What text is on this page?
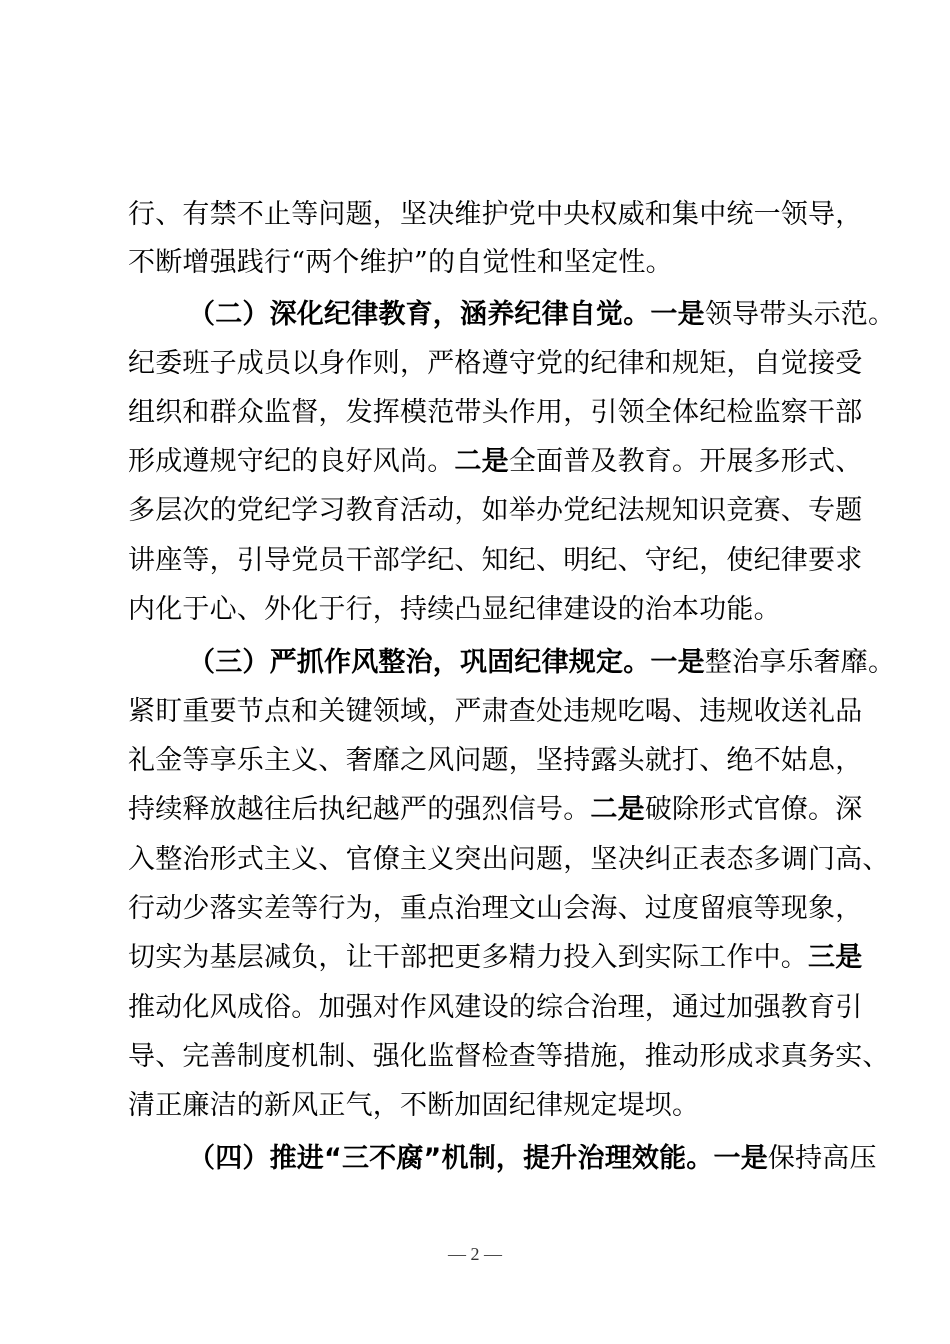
行、有禁不止等问题，坚决维护党中央权威和集中统一领导，
不断增强践行“两个维护”的自觉性和坚定性。
（二）深化纪律教育，涵养纪律自觉。一是领导带头示范。
纪委班子成员以身作则，严格遵守党的纪律和规矩，自觉接受
组织和群众监督，发挥模范带头作用，引领全体纪检监察干部
形成遵规守纪的良好风尚。二是全面普及教育。开展多形式、
多层次的党纪学习教育活动，如举办党纪法规知识竞赛、专题
讲座等，引导党员干部学纪、知纪、明纪、守纪，使纪律要求
内化于心、外化于行，持续凸显纪律建设的治本功能。
（三）严抓作风整治，巩固纪律规定。一是整治享乐奢靡。
紧盯重要节点和关键领域，严肃查处违规吃喝、违规收送礼品
礼金等享乐主义、奢靡之风问题，坚持露头就打、绝不姑息，
持续释放越往后执纪越严的强烈信号。二是破除形式官僚。深
入整治形式主义、官僚主义突出问题，坚决纠正表态多调门高、
行动少落实差等行为，重点治理文山会海、过度留痕等现象，
切实为基层减负，让干部把更多精力投入到实际工作中。三是
推动化风成俗。加强对作风建设的综合治理，通过加强教育引
导、完善制度机制、强化监督检查等措施，推动形成求真务实、
清正廉洁的新风正气，不断加固纪律规定堤坝。
（四）推进“三不腐”机制，提升治理效能。一是保持高压
— 2 —
